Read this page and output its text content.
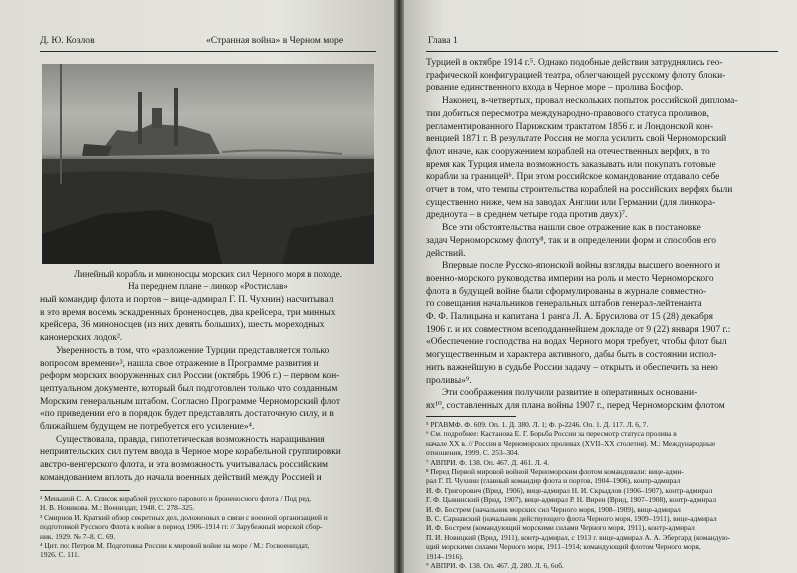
Д. Ю. Козлов	«Странная война» в Черном море
Линейный корабль и миноносцы морских сил Черного моря в походе.
На переднем плане – линкор «Ростислав»
ный командир флота и портов – вице-адмирал Г. П. Чухнин) насчитывал
в это время восемь эскадренных броненосцев, два крейсера, три минных
крейсера, 36 миноносцев (из них девять больших), шесть мореходных
канонерских лодок².
Уверенность в том, что «разложение Турции представляется только
вопросом времени»³, нашла свое отражение в Программе развития и
реформ морских вооруженных сил России (октябрь 1906 г.) – первом кон-
цептуальном документе, который был подготовлен только что созданным
Морским генеральным штабом. Согласно Программе Черноморский флот
«по приведении его в порядок будет представлять достаточную силу, и в
ближайшем будущем не потребуется его усиление»⁴.
Существовала, правда, гипотетическая возможность наращивания
неприятельских сил путем ввода в Черное море корабельной группировки
австро-венгерского флота, и эта возможность учитывалась российским
командованием вплоть до начала военных действий между Россией и
² Меньшой С. А. Список кораблей русского парового и броненосного флота / Под ред.
Н. В. Новикова. М.: Воениздат, 1948. С. 278–325.
³ Смирнов И. Краткий обзор секретных дел, доложенных в связи с военной организацией и
подготовкой Русского Флота к войне в период 1906–1914 гг. // Зарубежный морской сбор-
ник. 1929. № 7–8. С. 69.
⁴ Цит. по: Петров М. Подготовка России к мировой войне на море / М.: Госвоениздат,
1926. С. 111.
Глава 1
Турцией в октябре 1914 г.⁵. Однако подобные действия затруднялись гео-
графической конфигурацией театра, облегчающей русскому флоту блоки-
рование единственного входа в Черное море – пролива Босфор.
Наконец, в-четвертых, провал нескольких попыток российской диплома-
тии добиться пересмотра международно-правового статуса проливов,
регламентированного Парижским трактатом 1856 г. и Лондонской кон-
венцией 1871 г. В результате Россия не могла усилить свой Черноморский
флот иначе, как сооружением кораблей на отечественных верфях, в то
время как Турция имела возможность заказывать или покупать готовые
корабли за границей⁶. При этом российское командование отдавало себе
отчет в том, что темпы строительства кораблей на российских верфях были
существенно ниже, чем на заводах Англии или Германии (для линкора-
дредноута – в среднем четыре года против двух)⁷.
Все эти обстоятельства нашли свое отражение как в постановке
задач Черноморскому флоту⁸, так и в определении форм и способов его
действий.
Впервые после Русско-японской войны взгляды высшего военного и
военно-морского руководства империи на роль и место Черноморского
флота в будущей войне были сформулированы в журнале совместно-
го совещания начальников генеральных штабов генерал-лейтенанта
Ф. Ф. Палицына и капитана 1 ранга Л. А. Брусилова от 15 (28) декабря
1906 г. и их совместном всеподданнейшем докладе от 9 (22) января 1907 г.:
«Обеспечение господства на водах Черного моря требует, чтобы флот был
могущественным и характера активного, дабы быть в состоянии испол-
нить важнейшую в судьбе России задачу – открыть и обеспечить за нею
проливы»⁹.
Эти соображения получили развитие в оперативных основани-
ях¹⁰, составленных для плана войны 1907 г., перед Черноморским флотом
⁵ РГАВМФ. Ф. 609. Оп. 1. Д. 380. Л. 1; Ф. р-2246. Оп. 1. Д. 117. Л. 6, 7.
⁶ См. подробнее: Кастанова Е. Г. Борьба России за пересмотр статуса пролива в
начале XX в. // Россия в Черноморских проливах (XVII–XX столетия). М.: Международные
отношения, 1999. С. 253–304.
⁷ АВПРИ. Ф. 138. Оп. 467. Д. 461. Л. 4.
⁸ Перед Первой мировой войной Черноморским флотом командовали: вице-адми-
рал Г. П. Чухнин (главный командир флота и портов, 1904–1906), контр-адмирал
И. Ф. Григорович (Врид, 1906), вице-адмирал Н. И. Скрыдлов (1906–1907), контр-адмирал
Г. Ф. Цывинский (Врид, 1907), вице-адмирал Р. Н. Вирен (Врид, 1907–1908), контр-адмирал
И. Ф. Бострем (начальник морских сил Черного моря, 1908–1909), вице-адмирал
В. С. Сарнавский (начальник действующего флота Черного моря, 1909–1911), вице-адмирал
И. Ф. Бострем (командующий морскими силами Черного моря, 1911), контр-адмирал
П. И. Новицкий (Врид, 1911), контр-адмирал, с 1913 г. вице-адмирал А. А. Эбергард (командую-
щий морскими силами Черного моря, 1911–1914; командующий флотом Черного моря,
1914–1916).
⁹ АВПРИ. Ф. 138. Оп. 467. Д. 280. Л. 6, 6об.
